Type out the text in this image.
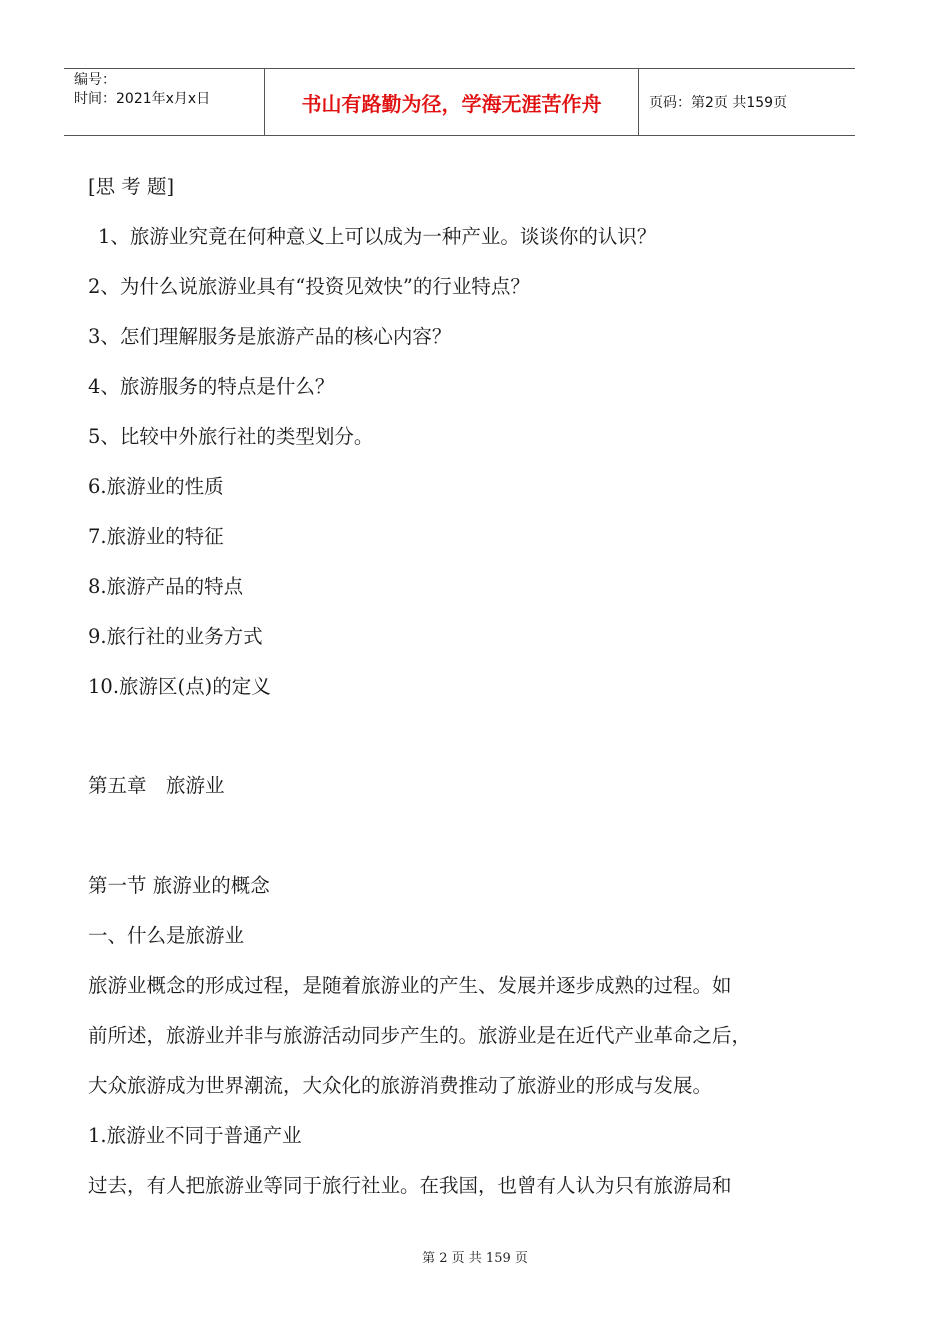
编号：
时间：2021年x月x日	书山有路勤为径，学海无涯苦作舟	页码：第2页 共159页
[思 考 题]
1、旅游业究竟在何种意义上可以成为一种产业。谈谈你的认识？
2、为什么说旅游业具有“投资见效快”的行业特点？
3、怎们理解服务是旅游产品的核心内容？
4、旅游服务的特点是什么？
5、比较中外旅行社的类型划分。
6.旅游业的性质
7.旅游业的特征
8.旅游产品的特点
9.旅行社的业务方式
10.旅游区(点)的定义
第五章　旅游业
第一节 旅游业的概念
一、什么是旅游业
旅游业概念的形成过程，是随着旅游业的产生、发展并逐步成熟的过程。如
前所述，旅游业并非与旅游活动同步产生的。旅游业是在近代产业革命之后，
大众旅游成为世界潮流，大众化的旅游消费推动了旅游业的形成与发展。
1.旅游业不同于普通产业
过去，有人把旅游业等同于旅行社业。在我国，也曾有人认为只有旅游局和
第 2 页 共 159 页
